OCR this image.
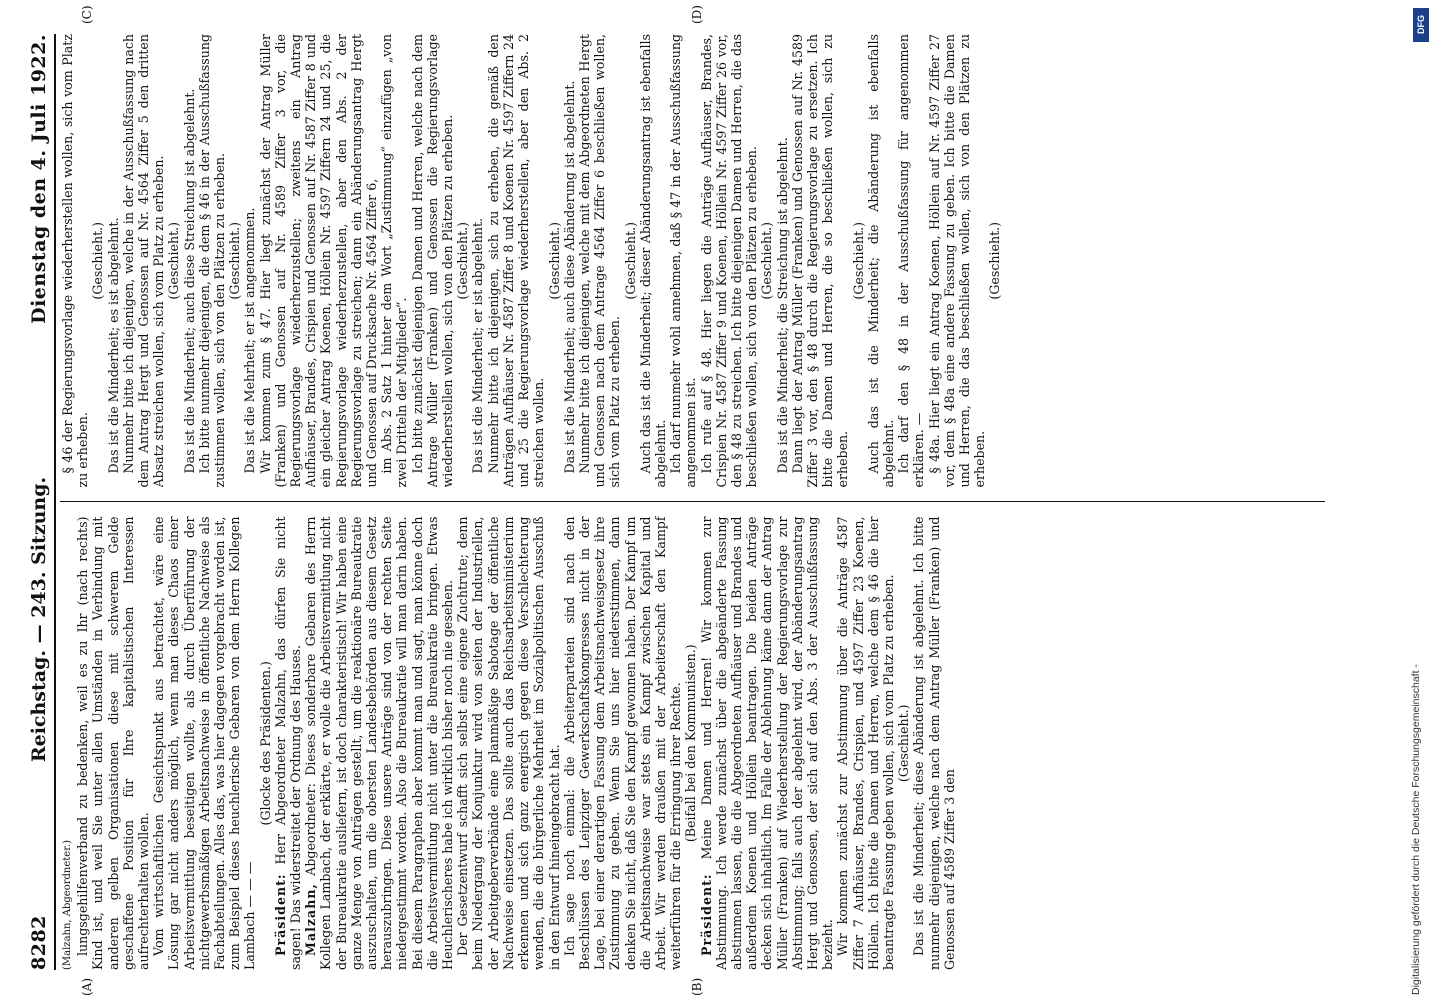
8282
Reichstag. — 243. Sitzung.
Dienstag den 4. Juli 1922.

(Malzahn, Abgeordneter.) lungsgehilfenverband zu bedenken, weil es zu Ihr (nach rechts) Kind ist, und weil Sie unter allen Umständen in Verbindung mit anderen gelben Organisationen diese mit schwerem Gelde geschaffene Position für Ihre kapitalistischen Interessen aufrechterhalten wollen. Vom wirtschaftlichen Gesichtspunkt aus betrachtet, wäre eine Lösung gar nicht anders möglich, wenn man dieses Chaos einer Arbeitsvermittlung beseitigen wollte, als durch Überführung der nichtgewerbsmäßigen Arbeitsnachweise in öffentliche Nachweise als Fachabteilungen. Alles das, was hier dagegen vorgebracht worden ist, zum Beispiel dieses heuchlerische Gebaren von dem Herrn Kollegen Lambach — — —

(Glocke des Präsidenten.)

Präsident: Herr Abgeordneter Malzahn, das dürfen Sie nicht sagen! Das widerstreitet der Ordnung des Hauses. Malzahn, Abgeordneter: Dieses sonderbare Gebaren des Herrn Kollegen Lambach, der erklärte, er wolle die Arbeitsvermittlung nicht der Bureaukratie ausliefern, ist doch charakteristisch! Wir haben eine ganze Menge von Anträgen gestellt, um die reaktionäre Bureaukratie auszuschalten, um die obersten Landesbehörden aus diesem Gesetz herauszubringen. Diese unsere Anträge sind von der rechten Seite niedergestimmt worden. Also die Bureaukratie will man darin haben. Bei diesem Paragraphen aber kommt man und sagt, man könne doch die Arbeitsvermittlung nicht unter die Bureaukratie bringen. Etwas Heuchlerischeres habe ich wirklich bisher noch nie gesehen. Der Gesetzentwurf schafft sich selbst eine eigene Zuchtrute; denn beim Niedergang der Konjunktur wird von seiten der Industriellen, der Arbeitgeberverbände eine planmäßige Sabotage der öffentliche Nachweise einsetzen. Das sollte auch das Reichsarbeitsministerium erkennen und sich ganz energisch gegen diese Verschlechterung wenden, die die bürgerliche Mehrheit im Sozialpolitischen Ausschuß in den Entwurf hineingebracht hat. Ich sage noch einmal: die Arbeiterparteien sind nach den Beschlüssen des Leipziger Gewerkschaftskongresses nicht in der Lage, bei einer derartigen Fassung dem Arbeitsnachweisgesetz ihre Zustimmung zu geben. Wenn Sie uns hier niederstimmen, dann denken Sie nicht, daß Sie den Kampf gewonnen haben. Der Kampf um die Arbeitsnachweise war stets ein Kampf zwischen Kapital und Arbeit. Wir werden draußen mit der Arbeiterschaft den Kampf weiterführen für die Erringung ihrer Rechte. (Beifall bei den Kommunisten.)

Präsident: Meine Damen und Herren! Wir kommen zur Abstimmung. Ich werde zunächst über die abgeänderte Fassung abstimmen lassen, die die Abgeordneten Aufhäuser und Brandes und außerdem Koenen und Höllein beantragen. Die beiden Anträge decken sich inhaltlich. Im Falle der Ablehnung käme dann der Antrag Müller (Franken) auf Wiederherstellung der Regierungsvorlage zur Abstimmung; falls auch der abgelehnt wird, der Abänderungsantrag Hergt und Genossen, der sich auf den Abs. 3 der Ausschußfassung bezieht. Wir kommen zunächst zur Abstimmung über die Anträge 4587 Ziffer 7 Aufhäuser, Brandes, Crispien, und 4597 Ziffer 23 Koenen, Höllein. Ich bitte die Damen und Herren, welche dem § 46 die hier beantragte Fassung geben wollen, sich vom Platz zu erheben. (Geschieht.) Das ist die Minderheit; diese Abänderung ist abgelehnt. Ich bitte nunmehr diejenigen, welche nach dem Antrag Müller (Franken) und Genossen auf 4589 Ziffer 3 den

§ 46 der Regierungsvorlage wiederherstellen wollen, sich vom Platz zu erheben.

(Geschieht.) Das ist die Minderheit; es ist abgelehnt. Nunmehr bitte ich diejenigen, welche in der Ausschußfassung nach dem Antrag Hergt und Genossen auf Nr. 4564 Ziffer 5 den dritten Absatz streichen wollen, sich vom Platz zu erheben. (Geschieht.) Das ist die Minderheit; auch diese Streichung ist abgelehnt. Ich bitte nunmehr diejenigen, die dem § 46 in der Ausschußfassung zustimmen wollen, sich von den Plätzen zu erheben. (Geschieht.) Das ist die Mehrheit; er ist angenommen. Wir kommen zum § 47. Hier liegt zunächst der Antrag Müller (Franken) und Genossen auf Nr. 4589 Ziffer 3 vor, die Regierungsvorlage wiederherzustellen; zweitens ein Antrag Aufhäuser, Brandes, Crispien und Genossen auf Nr. 4587 Ziffer 8 und ein gleicher Antrag Koenen, Höllein Nr. 4597 Ziffern 24 und 25, die Regierungsvorlage wiederherzustellen, aber den Abs. 2 der Regierungsvorlage zu streichen; dann ein Abänderungsantrag Hergt und Genossen auf Drucksache Nr. 4564 Ziffer 6, im Abs. 2 Satz 1 hinter dem Wort „Zustimmung“ einzufügen „von zwei Dritteln der Mitglieder“. Ich bitte zunächst diejenigen Damen und Herren, welche nach dem Antrage Müller (Franken) und Genossen die Regierungsvorlage wiederherstellen wollen, sich von den Plätzen zu erheben. (Geschieht.) Das ist die Minderheit; er ist abgelehnt. Nunmehr bitte ich diejenigen, sich zu erheben, die gemäß den Anträgen Aufhäuser Nr. 4587 Ziffer 8 und Koenen Nr. 4597 Ziffern 24 und 25 die Regierungsvorlage wiederherstellen, aber den Abs. 2 streichen wollen.

(Geschieht.) Das ist die Minderheit; auch diese Abänderung ist abgelehnt. Nunmehr bitte ich diejenigen, welche mit dem Abgeordneten Hergt und Genossen nach dem Antrage 4564 Ziffer 6 beschließen wollen, sich vom Platz zu erheben.

(Geschieht.) Auch das ist die Minderheit; dieser Abänderungsantrag ist ebenfalls abgelehnt. Ich darf nunmehr wohl annehmen, daß § 47 in der Ausschußfassung angenommen ist. Ich rufe auf § 48. Hier liegen die Anträge Aufhäuser, Brandes, Crispien Nr. 4587 Ziffer 9 und Koenen, Höllein Nr. 4597 Ziffer 26 vor, den § 48 zu streichen. Ich bitte diejenigen Damen und Herren, die das beschließen wollen, sich von den Plätzen zu erheben. (Geschieht.) Das ist die Minderheit; die Streichung ist abgelehnt. Dann liegt der Antrag Müller (Franken) und Genossen auf Nr. 4589 Ziffer 3 vor, den § 48 durch die Regierungsvorlage zu ersetzen. Ich bitte die Damen und Herren, die so beschließen wollen, sich zu erheben.

(Geschieht.) Auch das ist die Minderheit; die Abänderung ist ebenfalls abgelehnt. Ich darf den § 48 in der Ausschußfassung für angenommen erklären. — § 48a. Hier liegt ein Antrag Koenen, Höllein auf Nr. 4597 Ziffer 27 vor, dem § 48a eine andere Fassung zu geben. Ich bitte die Damen und Herren, die das beschließen wollen, sich von den Plätzen zu erheben.

(Geschieht.)

(A)	(B)
(C)	(D)
Digitalisierung gefördert durch die Deutsche Forschungsgemeinschaft -
DFG
